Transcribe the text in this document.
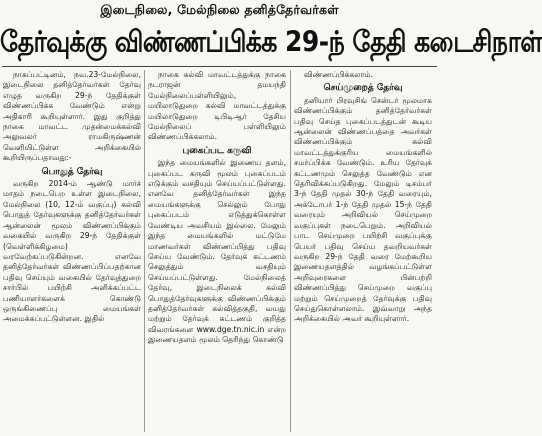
இடைநிலை, மேல்நிலை தனித்தேர்வர்கள்
தேர்வுக்கு விண்ணப்பிக்க 29-ந் தேதி கடைசிநாள்

நாகப்பட்டினம், நவ.23-மேல்நிலை, இடைநிலை தனித்தேர்வர்கள் தேர்வு எழுத வருகிற 29-ந் தேதிக்குள் விண்ணப்பிக்க வேண்டும் என்று அதிகாரி கூறியுள்ளார். இது குறித்து நாகை மாவட்ட முதன்மைக்கல்வி அலுவலர் ராமகிருஷ்ணன் வெளியிட்டுள்ள அறிக்கையில் கூறியிருப்பதாவது:-

பொதுத் தேர்வு

வருகிற 2014-ம் ஆண்டு மார்ச் மாதம் நடைபெற உள்ள இடைநிலை, மேல்நிலை (10, 12-ம் வகுப்பு) கல்வி பொதுத் தேர்வுகளுக்கு தனித்தேர்வர்கள் ஆன்லைன் மூலம் விண்ணப்பிக்கும் வகையில் வருகிற 29-ந் தேதிக்குள் (வெள்ளிக்கிழமை) வரவேற்கப்படுகின்றன. எனவே தனித்தேர்வர்கள் விண்ணப்பிப்பதற்கான பதிவு செய்யும் வகையில் தேர்வுத்துறை சார்பில் பயிற்சி அளிக்கப்பட்ட பணியாளர்களைக் கொண்டு ஒருங்கிணைப்பு மையங்கள் அமைக்கப்பட்டுள்ளன. இதில்

நாகை கல்வி மாவட்டத்துக்கு நாகை நடராஜன் தமயந்தி மேல்நிலைப்பள்ளியிலும், மயிலாடுதுறை கல்வி மாவட்டத்துக்கு மயிலாடுதுறை டிபிடிஆர் தேசிய மேல்நிலைப் பள்ளியிலும் விண்ணப்பிக்கலாம்.

புகைப்பட கருவி

இந்த மையங்களில் இணைய தளம், புகைப்பட கருவி மூலம் புகைப்படம் எடுக்கும் வசதியும் செய்யப்பட்டுள்ளது. எனவே தனித்தேர்வர்கள் இந்த மையங்களுக்கு செல்லும் போது புகைப்படம் எடுத்துக்கொள்ள வேண்டிய அவசியம் இல்லை. மேலும் இந்த மையங்களில் மட்டுமே மாணவர்கள் விண்ணப்பித்து பதிவு செய்ய வேண்டும். தேர்வுக் கட்டணம் செலுத்தும் வசதியும் செய்யப்பட்டுள்ளது. மேல்நிலைத் தேர்வு, இடைநிலைக் கல்வி பொதுத்தேர்வுகளுக்கு விண்ணப்பிக்கும் தனித்தேர்வர்கள் கல்வித்தகுதி, வயது மற்றும் தேர்வுக் கட்டணம் குறித்த விவரங்களை www.dge.tn.nic.in என்ற இணையதளம் மூலம் தெரிந்து கொண்டு

விண்ணப்பிக்கலாம்.

செய்முறைத் தேர்வு

தனியார் பிரவுசிங் சென்டர் மூலமாக விண்ணப்பிக்கும் தனித்தேர்வர்கள் பதிவு செய்த புகைப்படத்துடன் கூடிய ஆன்லைன் விண்ணப்பத்தை அவர்கள் விண்ணப்பிக்கும் கல்வி மாவட்டத்துக்குரிய மையங்களில் சமர்ப்பிக்க வேண்டும். உரிய தேர்வுக் கட்டணமும் செலுத்த வேண்டும் என தெரிவிக்கப்படுகிறது. மேலும் டிசம்பர் 3-ந் தேதி முதல் 30-ந் தேதி வரையும், அக்டோபர் 1-ந் தேதி முதல் 15-ந் தேதி வரையும் அறிவியல் செய்முறை வகுப்புகள் நடைபெறும். அறிவியல் பாட செய்முறை பயிற்சி வகுப்புக்கு பெயர் பதிவு செய்ய தவறியவர்கள் வருகிற 29-ந் தேதி வரை மேற்கூறிய இணையதளத்தில் வழங்கப்பட்டுள்ள அறிவுரைகளை பின்பற்றி விண்ணப்பித்து செய்முறை வகுப்பு மற்றும் செய்முறைத் தேர்வுக்கு பதிவு செய்துகொள்ளலாம். இவ்வாறு அந்த அறிக்கையில் அவர் கூறியுள்ளார்.
